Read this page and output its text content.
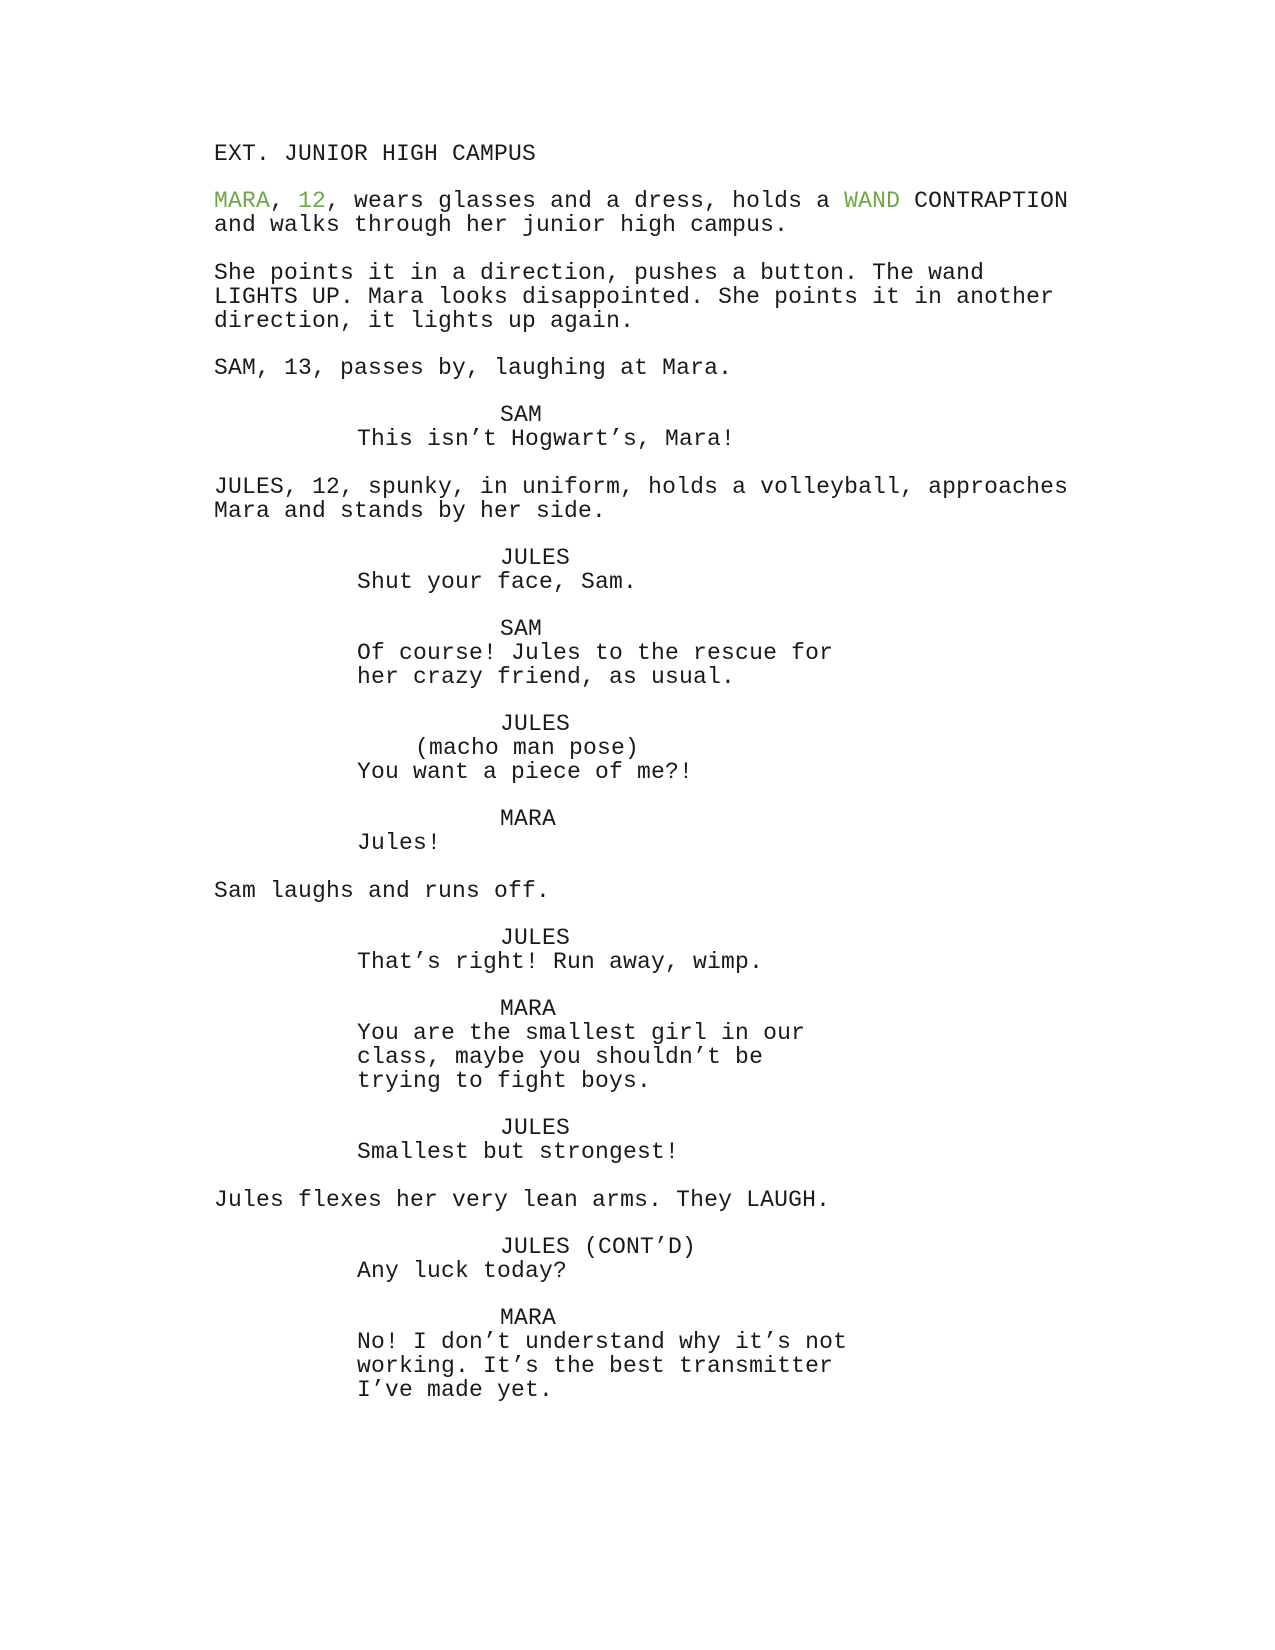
EXT. JUNIOR HIGH CAMPUS
MARA, 12, wears glasses and a dress, holds a WAND CONTRAPTION
and walks through her junior high campus.
She points it in a direction, pushes a button. The wand
LIGHTS UP. Mara looks disappointed. She points it in another
direction, it lights up again.
SAM, 13, passes by, laughing at Mara.
SAM
This isn’t Hogwart’s, Mara!
JULES, 12, spunky, in uniform, holds a volleyball, approaches
Mara and stands by her side.
JULES
Shut your face, Sam.
SAM
Of course! Jules to the rescue for
her crazy friend, as usual.
JULES
(macho man pose)
You want a piece of me?!
MARA
Jules!
Sam laughs and runs off.
JULES
That’s right! Run away, wimp.
MARA
You are the smallest girl in our
class, maybe you shouldn’t be
trying to fight boys.
JULES
Smallest but strongest!
Jules flexes her very lean arms. They LAUGH.
JULES (CONT’D)
Any luck today?
MARA
No! I don’t understand why it’s not
working. It’s the best transmitter
I’ve made yet.
